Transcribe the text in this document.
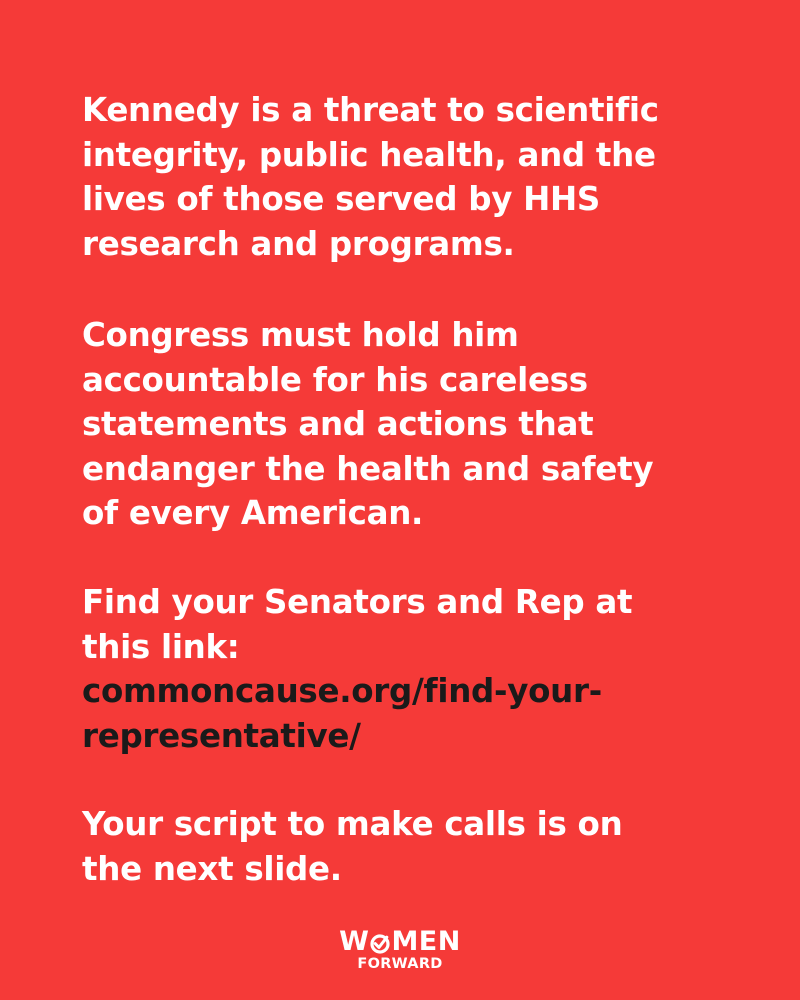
Kennedy is a threat to scientific
integrity, public health, and the
lives of those served by HHS
research and programs.

Congress must hold him
accountable for his careless
statements and actions that
endanger the health and safety
of every American.

Find your Senators and Rep at
this link:

commoncause.org/find-your-
representative/

Your script to make calls is on
the next slide.

W MEN
FORWARD
